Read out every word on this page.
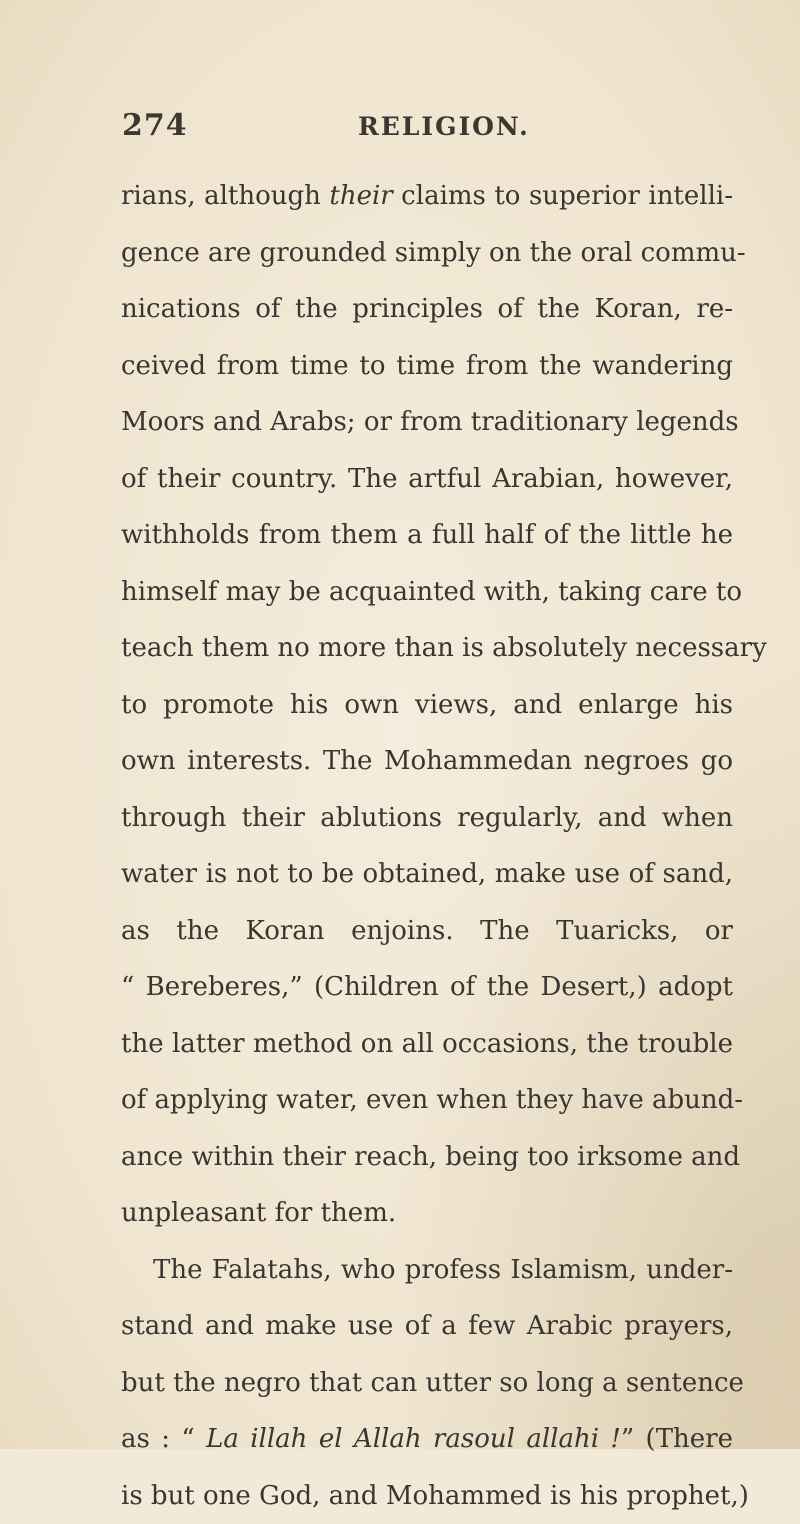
274	RELIGION.
rians, although their claims to superior intelli-
gence are grounded simply on the oral commu-
nications of the principles of the Koran, re-
ceived from time to time from the wandering
Moors and Arabs; or from traditionary legends
of their country. The artful Arabian, however,
withholds from them a full half of the little he
himself may be acquainted with, taking care to
teach them no more than is absolutely necessary
to promote his own views, and enlarge his
own interests. The Mohammedan negroes go
through their ablutions regularly, and when
water is not to be obtained, make use of sand,
as the Koran enjoins. The Tuaricks, or
“ Bereberes,” (Children of the Desert,) adopt
the latter method on all occasions, the trouble
of applying water, even when they have abund-
ance within their reach, being too irksome and
unpleasant for them.
The Falatahs, who profess Islamism, under-
stand and make use of a few Arabic prayers,
but the negro that can utter so long a sentence
as : “ La illah el Allah rasoul allahi !” (There
is but one God, and Mohammed is his prophet,)
